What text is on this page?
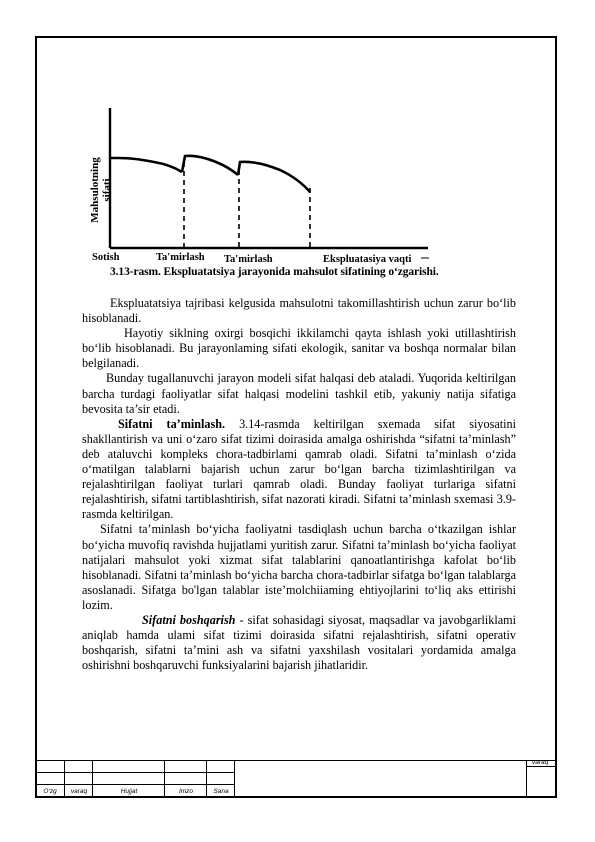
Mahsulotningsifati
Sotish	Ta'mirlash Ta'mirlash	Ekspluatasiya vaqti
3.13-rasm. Ekspluatatsiya jarayonida mahsulot sifatining o‘zgarishi.

Ekspluatatsiya tajribasi kelgusida mahsulotni takomillashtirish uchun zarur bo‘lib hisoblanadi.

Hayotiy siklning oxirgi bosqichi ikkilamchi qayta ishlash yoki utillashtirish bo‘lib hisoblanadi. Bu jarayonlaming sifati ekologik, sanitar va boshqa normalar bilan belgilanadi.

Bunday tugallanuvchi jarayon modeli sifat halqasi deb ataladi. Yuqorida keltirilgan barcha turdagi faoliyatlar sifat halqasi modelini tashkil etib, yakuniy natija sifatiga bevosita ta’sir etadi.

Sifatni ta’minlash. 3.14-rasmda keltirilgan sxemada sifat siyosatini shakllantirish va uni o‘zaro sifat tizimi doirasida amalga oshirishda “sifatni ta’minlash” deb ataluvchi kompleks chora-tadbirlami qamrab oladi. Sifatni ta’minlash o‘zida o‘matilgan talablarni bajarish uchun zarur bo‘lgan barcha tizimlashtirilgan va rejalashtirilgan faoliyat turlari qamrab oladi. Bunday faoliyat turlariga sifatni rejalashtirish, sifatni tartiblashtirish, sifat nazorati kiradi. Sifatni ta’minlash sxemasi 3.9-rasmda keltirilgan.

Sifatni ta’minlash bo‘yicha faoliyatni tasdiqlash uchun barcha o‘tkazilgan ishlar bo‘yicha muvofiq ravishda hujjatlami yuritish zarur. Sifatni ta’minlash bo‘yicha faoliyat natijalari mahsulot yoki xizmat sifat talablarini qanoatlantirishga kafolat bo‘lib hisoblanadi. Sifatni ta’minlash bo‘yicha barcha chora-tadbirlar sifatga bo‘lgan talablarga asoslanadi. Sifatga bo'lgan talablar iste’molchiiaming ehtiyojlarini to‘liq aks ettirishi lozim.

Sifatni boshqarish - sifat sohasidagi siyosat, maqsadlar va javobgarliklami aniqlab hamda ulami sifat tizimi doirasida sifatni rejalashtirish, sifatni operativ boshqarish, sifatni ta’mini ash va sifatni yaxshilash vositalari yordamida amalga oshirishni boshqaruvchi funksiyalarini bajarish jihatlaridir.

O‘zg	varaq	Hujjat	Imzo	Sana
varaq
